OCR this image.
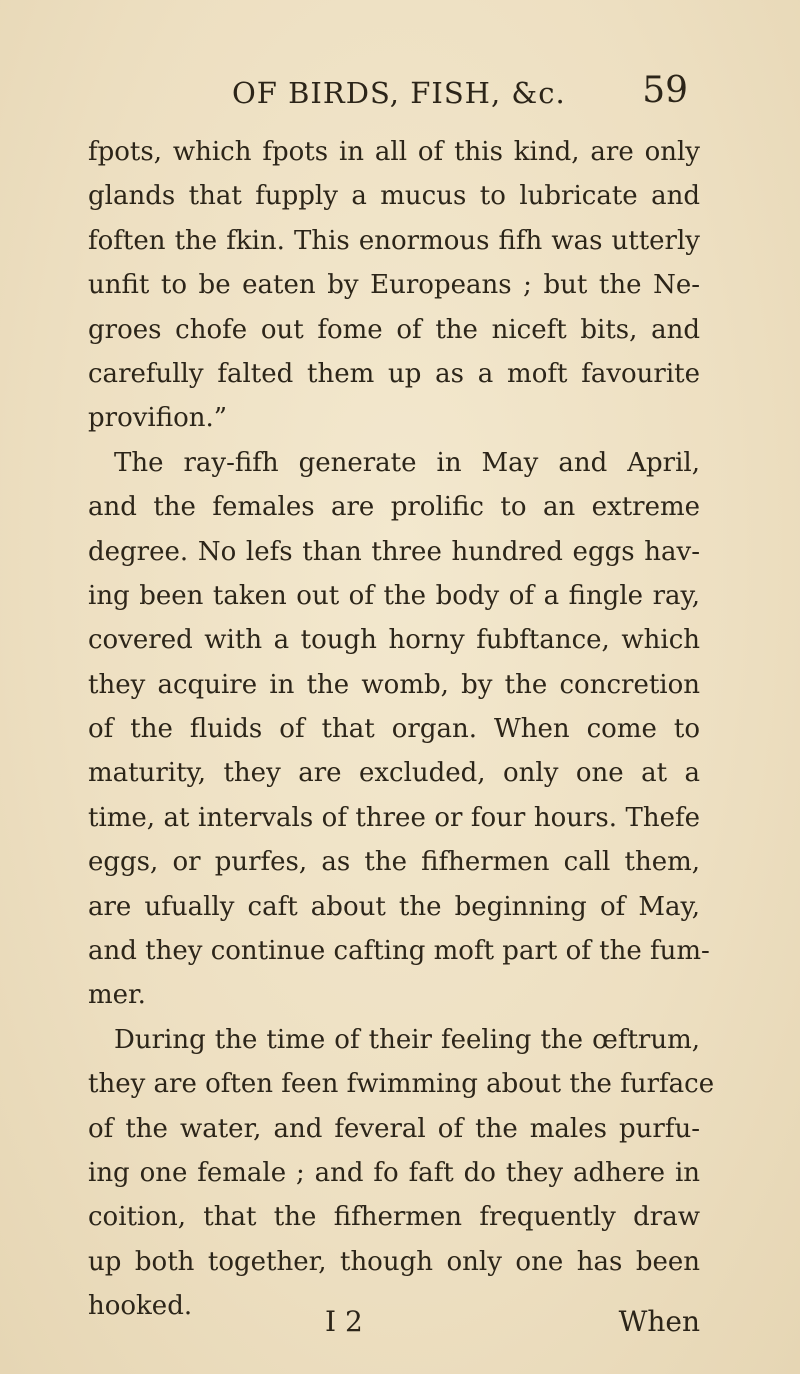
OF BIRDS, FISH, &c. 59
fpots, which fpots in all of this kind, are only
glands that fupply a mucus to lubricate and
foften the fkin. This enormous fifh was utterly
unfit to be eaten by Europeans ; but the Ne-
groes chofe out fome of the niceft bits, and
carefully falted them up as a moft favourite
provifion.”
The ray-fifh generate in May and April,
and the females are prolific to an extreme
degree. No lefs than three hundred eggs hav-
ing been taken out of the body of a fingle ray,
covered with a tough horny fubftance, which
they acquire in the womb, by the concretion
of the fluids of that organ. When come to
maturity, they are excluded, only one at a
time, at intervals of three or four hours. Thefe
eggs, or purfes, as the fifhermen call them,
are ufually caft about the beginning of May,
and they continue cafting moft part of the fum-
mer.
During the time of their feeling the œftrum,
they are often feen fwimming about the furface
of the water, and feveral of the males purfu-
ing one female ; and fo faft do they adhere in
coition, that the fifhermen frequently draw
up both together, though only one has been
hooked.	I 2	When
